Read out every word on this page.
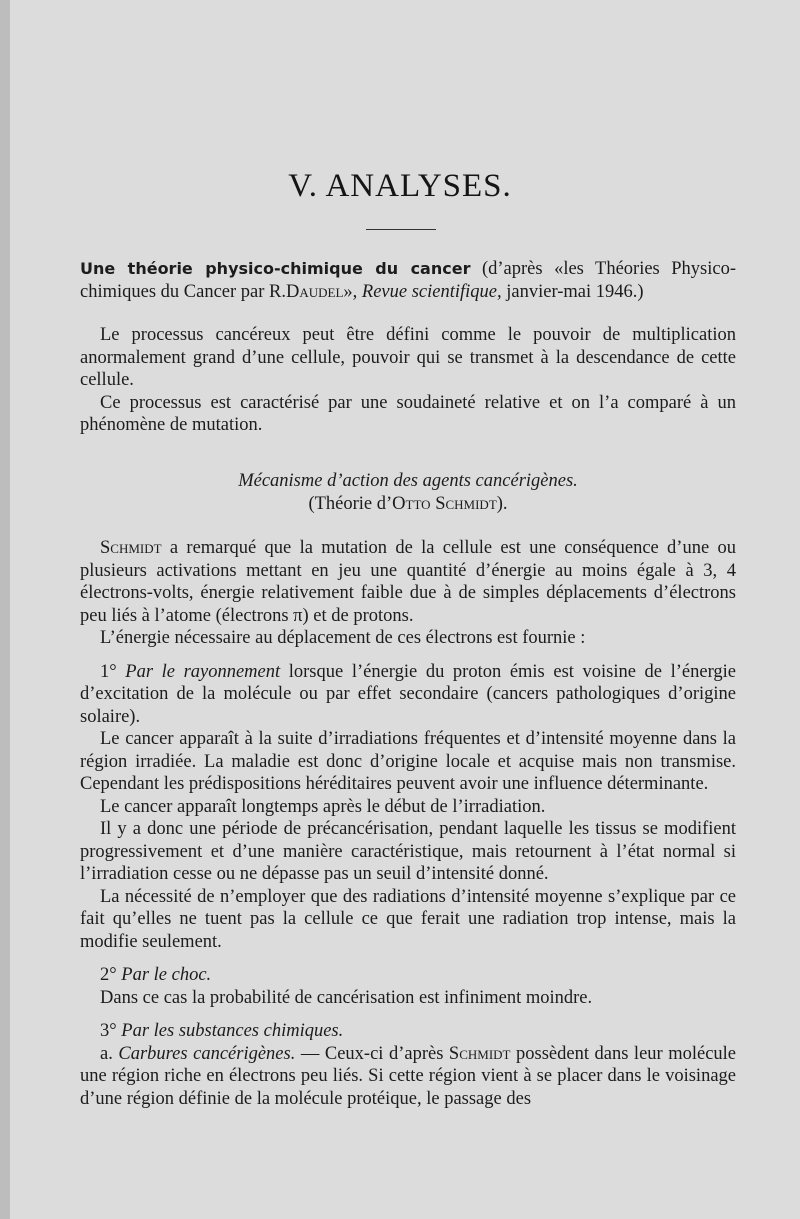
V. ANALYSES.

Une théorie physico-chimique du cancer (d’après «les Théories Physico-chimiques du Cancer par R.Daudel», Revue scientifique, janvier-mai 1946.)

Le processus cancéreux peut être défini comme le pouvoir de multiplication anormalement grand d’une cellule, pouvoir qui se transmet à la descendance de cette cellule.

Ce processus est caractérisé par une soudaineté relative et on l’a comparé à un phénomène de mutation.

Mécanisme d’action des agents cancérigènes.

(Théorie d’Otto Schmidt).

Schmidt a remarqué que la mutation de la cellule est une conséquence d’une ou plusieurs activations mettant en jeu une quantité d’énergie au moins égale à 3, 4 électrons-volts, énergie relativement faible due à de simples déplacements d’électrons peu liés à l’atome (électrons π) et de protons.

L’énergie nécessaire au déplacement de ces électrons est fournie :

1° Par le rayonnement lorsque l’énergie du proton émis est voisine de l’énergie d’excitation de la molécule ou par effet secondaire (cancers pathologiques d’origine solaire).

Le cancer apparaît à la suite d’irradiations fréquentes et d’intensité moyenne dans la région irradiée. La maladie est donc d’origine locale et acquise mais non transmise. Cependant les prédispositions héréditaires peuvent avoir une influence déterminante.

Le cancer apparaît longtemps après le début de l’irradiation.

Il y a donc une période de précancérisation, pendant laquelle les tissus se modifient progressivement et d’une manière caractéristique, mais retournent à l’état normal si l’irradiation cesse ou ne dépasse pas un seuil d’intensité donné.

La nécessité de n’employer que des radiations d’intensité moyenne s’explique par ce fait qu’elles ne tuent pas la cellule ce que ferait une radiation trop intense, mais la modifie seulement.

2° Par le choc.

Dans ce cas la probabilité de cancérisation est infiniment moindre.

3° Par les substances chimiques.

a. Carbures cancérigènes. — Ceux-ci d’après Schmidt possèdent dans leur molécule une région riche en électrons peu liés. Si cette région vient à se placer dans le voisinage d’une région définie de la molécule protéique, le passage des
